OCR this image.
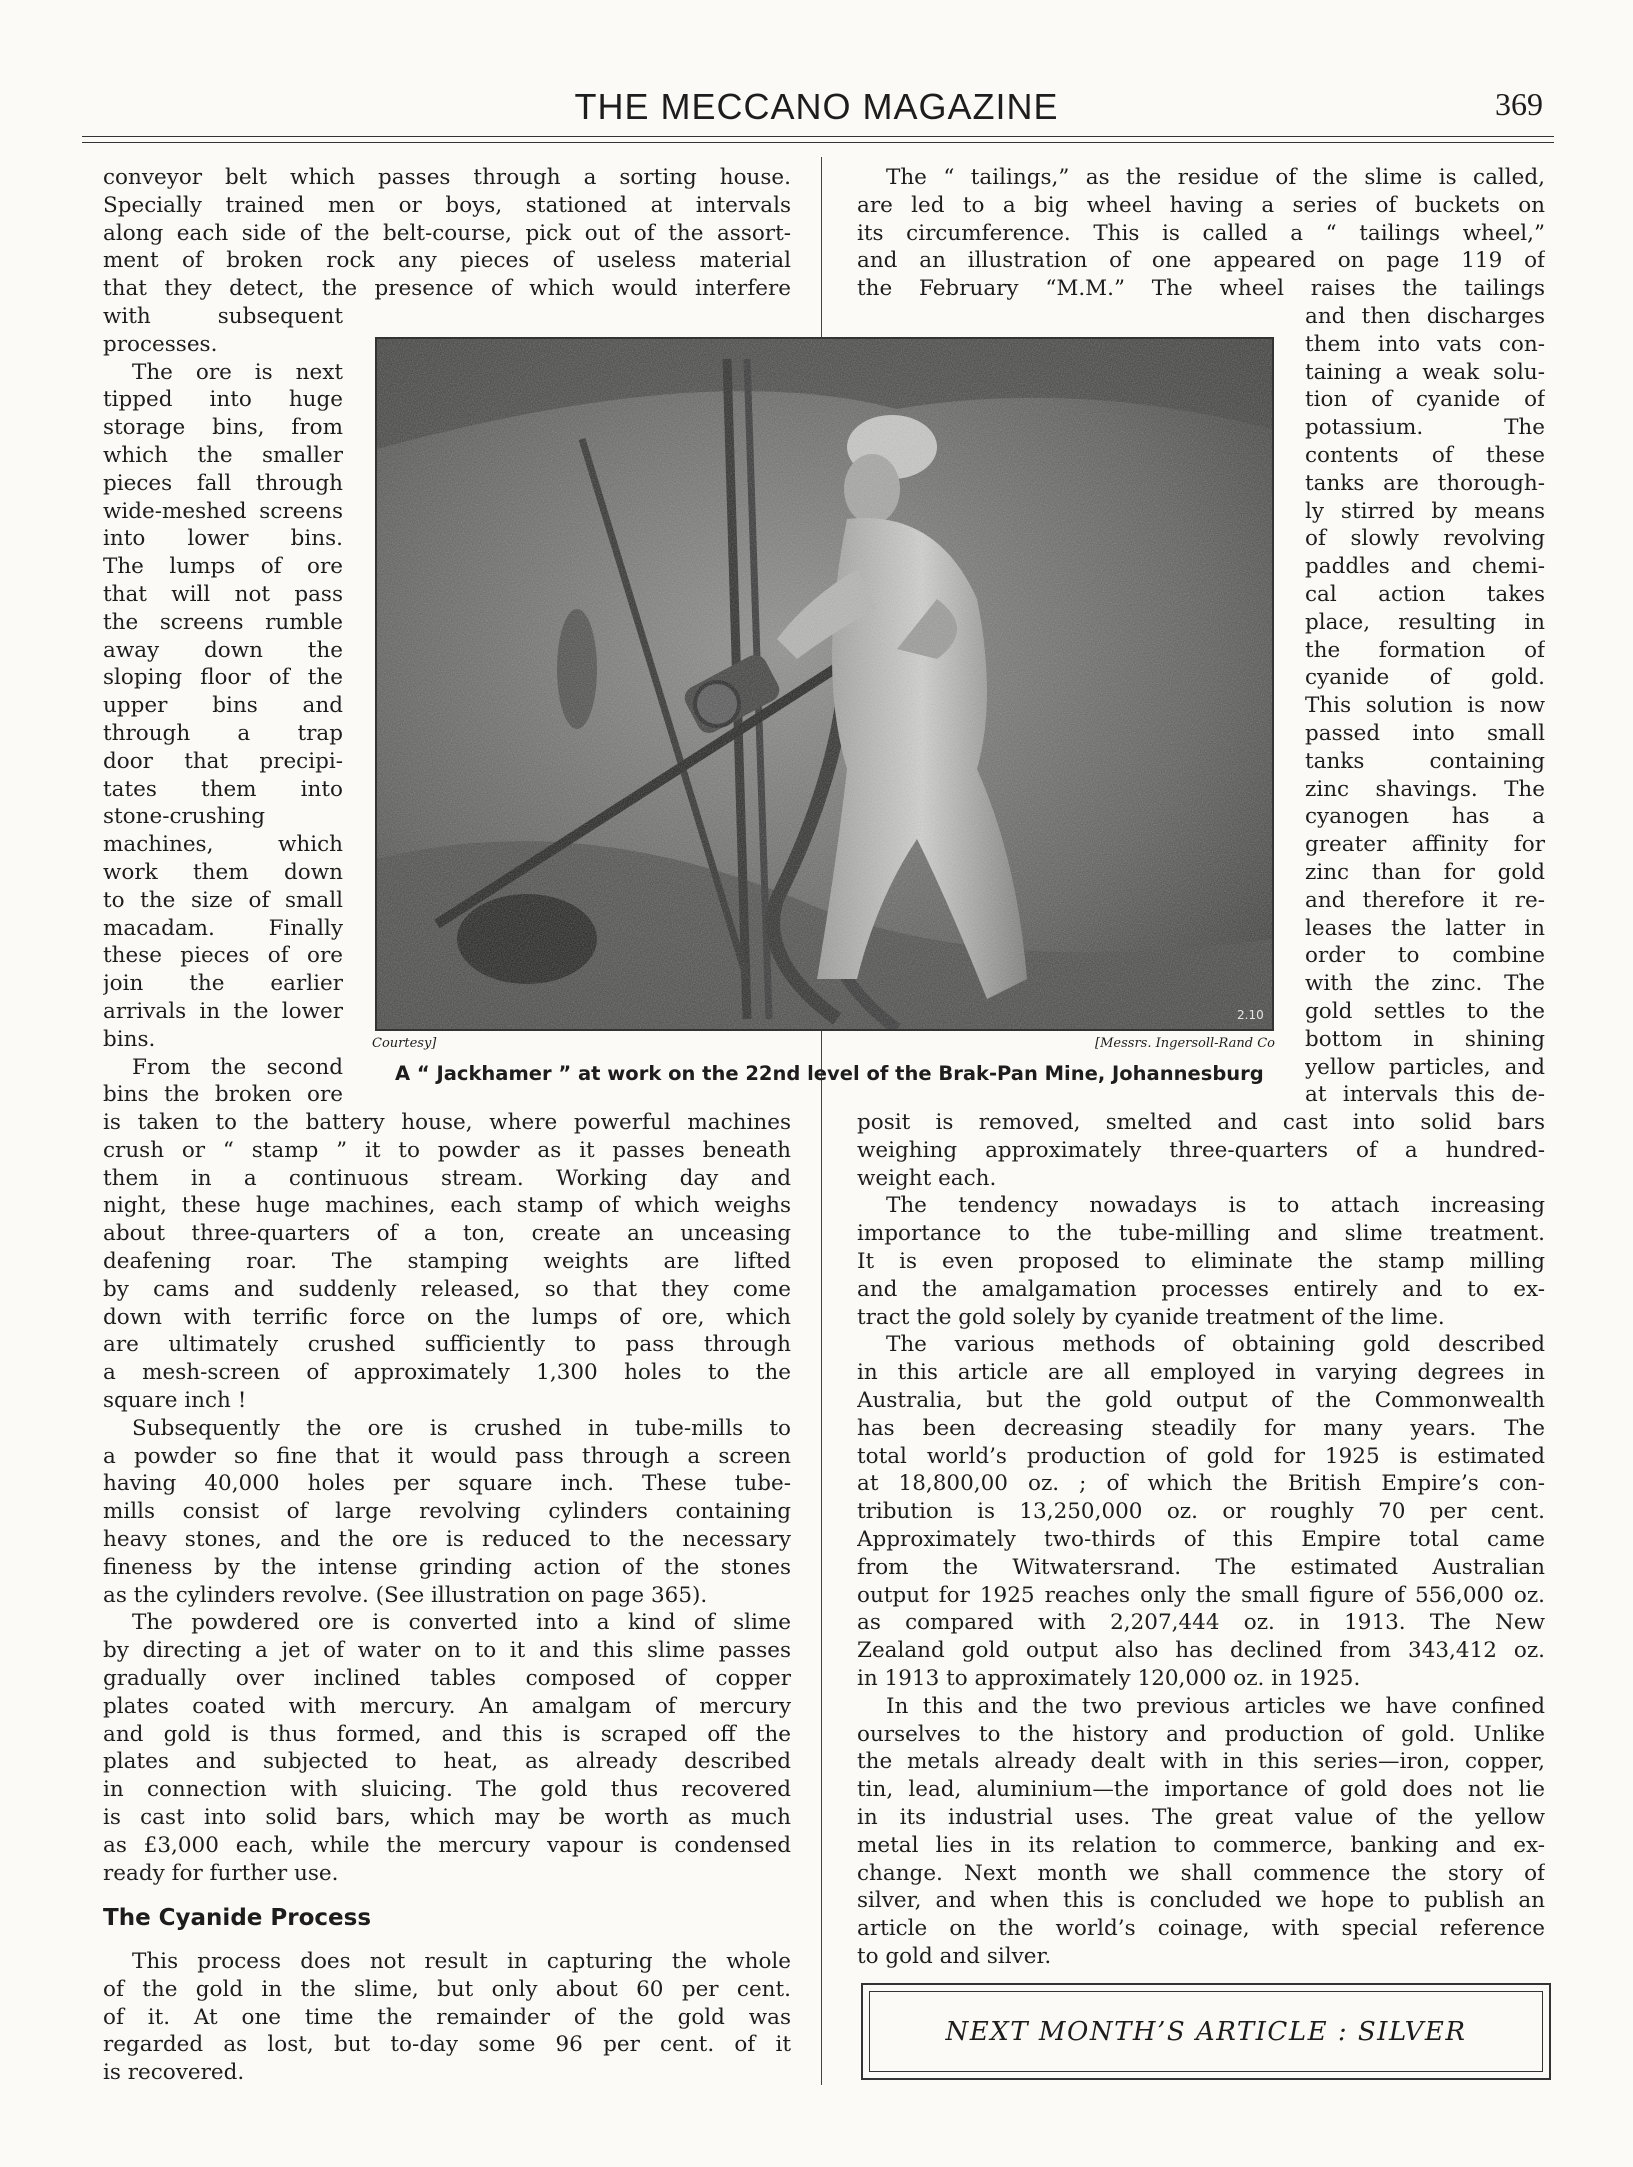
THE MECCANO MAGAZINE	369

conveyor belt which passes through a sorting house.

Specially trained men or boys, stationed at intervals

along each side of the belt-course, pick out of the assort-

ment of broken rock any pieces of useless material

that they detect, the presence of which would interfere

with subsequent

processes.

The ore is next

tipped into huge

storage bins, from

which the smaller

pieces fall through

wide-meshed screens

into lower bins.

The lumps of ore

that will not pass

the screens rumble

away down the

sloping floor of the

upper bins and

through a trap

door that precipi-

tates them into

stone-crushing

machines, which

work them down

to the size of small

macadam. Finally

these pieces of ore

join the earlier

arrivals in the lower

bins.

From the second

bins the broken ore

is taken to the battery house, where powerful machines

crush or “ stamp ” it to powder as it passes beneath

them in a continuous stream. Working day and

night, these huge machines, each stamp of which weighs

about three-quarters of a ton, create an unceasing

deafening roar. The stamping weights are lifted

by cams and suddenly released, so that they come

down with terrific force on the lumps of ore, which

are ultimately crushed sufficiently to pass through

a mesh-screen of approximately 1,300 holes to the

square inch !

Subsequently the ore is crushed in tube-mills to

a powder so fine that it would pass through a screen

having 40,000 holes per square inch. These tube-

mills consist of large revolving cylinders containing

heavy stones, and the ore is reduced to the necessary

fineness by the intense grinding action of the stones

as the cylinders revolve. (See illustration on page 365).

The powdered ore is converted into a kind of slime

by directing a jet of water on to it and this slime passes

gradually over inclined tables composed of copper

plates coated with mercury. An amalgam of mercury

and gold is thus formed, and this is scraped off the

plates and subjected to heat, as already described

in connection with sluicing. The gold thus recovered

is cast into solid bars, which may be worth as much

as £3,000 each, while the mercury vapour is condensed

ready for further use.

This process does not result in capturing the whole

of the gold in the slime, but only about 60 per cent.

of it. At one time the remainder of the gold was

regarded as lost, but to-day some 96 per cent. of it

is recovered.

The “ tailings,” as the residue of the slime is called,

are led to a big wheel having a series of buckets on

its circumference. This is called a “ tailings wheel,”

and an illustration of one appeared on page 119 of

the February “M.M.” The wheel raises the tailings

and then discharges

them into vats con-

taining a weak solu-

tion of cyanide of

potassium. The

contents of these

tanks are thorough-

ly stirred by means

of slowly revolving

paddles and chemi-

cal action takes

place, resulting in

the formation of

cyanide of gold.

This solution is now

passed into small

tanks containing

zinc shavings. The

cyanogen has a

greater affinity for

zinc than for gold

and therefore it re-

leases the latter in

order to combine

with the zinc. The

gold settles to the

bottom in shining

yellow particles, and

at intervals this de-

posit is removed, smelted and cast into solid bars

weighing approximately three-quarters of a hundred-

weight each.

The tendency nowadays is to attach increasing

importance to the tube-milling and slime treatment.

It is even proposed to eliminate the stamp milling

and the amalgamation processes entirely and to ex-

tract the gold solely by cyanide treatment of the lime.

The various methods of obtaining gold described

in this article are all employed in varying degrees in

Australia, but the gold output of the Commonwealth

has been decreasing steadily for many years. The

total world’s production of gold for 1925 is estimated

at 18,800,00 oz. ; of which the British Empire’s con-

tribution is 13,250,000 oz. or roughly 70 per cent.

Approximately two-thirds of this Empire total came

from the Witwatersrand. The estimated Australian

output for 1925 reaches only the small figure of 556,000 oz.

as compared with 2,207,444 oz. in 1913. The New

Zealand gold output also has declined from 343,412 oz.

in 1913 to approximately 120,000 oz. in 1925.

In this and the two previous articles we have confined

ourselves to the history and production of gold. Unlike

the metals already dealt with in this series—iron, copper,

tin, lead, aluminium—the importance of gold does not lie

in its industrial uses. The great value of the yellow

metal lies in its relation to commerce, banking and ex-

change. Next month we shall commence the story of

silver, and when this is concluded we hope to publish an

article on the world’s coinage, with special reference

to gold and silver.

The Cyanide Process
2.10
Courtesy]	[Messrs. Ingersoll-Rand Co
A “ Jackhamer ” at work on the 22nd level of the Brak-Pan Mine, Johannesburg
NEXT MONTH’S ARTICLE : SILVER
